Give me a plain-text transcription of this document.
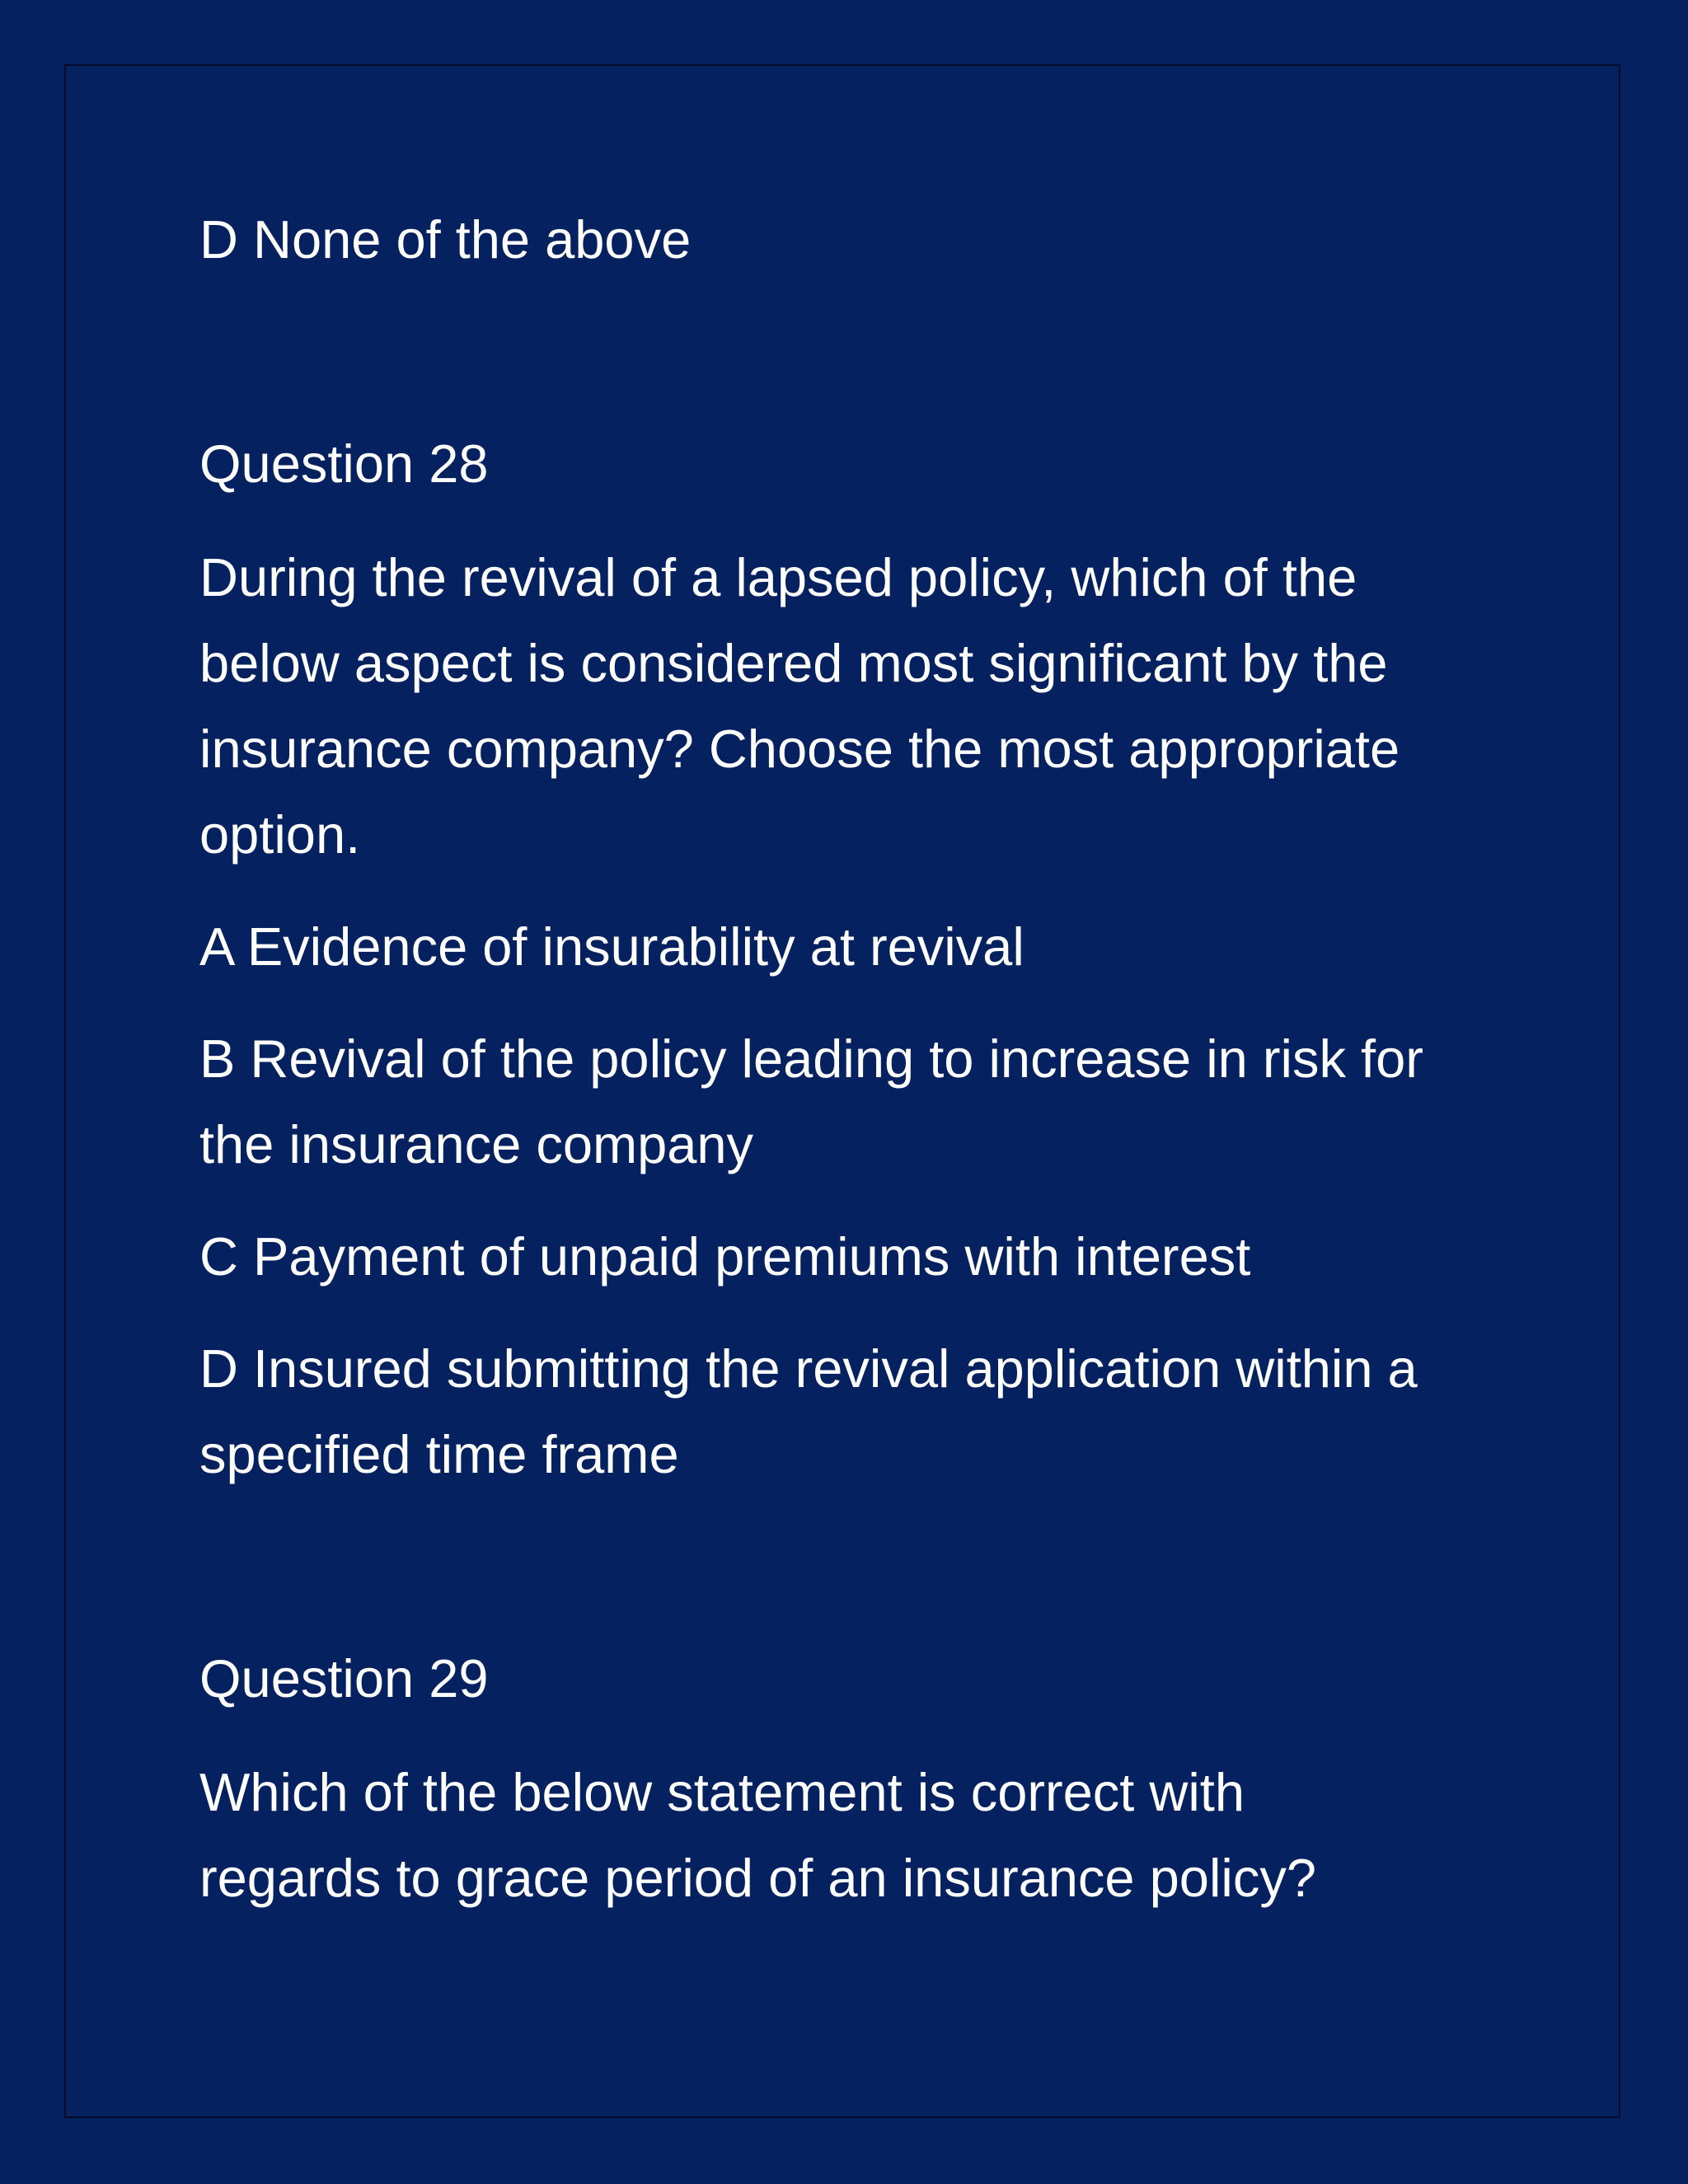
D None of the above
Question 28
During the revival of a lapsed policy, which of the
below aspect is considered most significant by the
insurance company? Choose the most appropriate
option.
A Evidence of insurability at revival
B Revival of the policy leading to increase in risk for
the insurance company
C Payment of unpaid premiums with interest
D Insured submitting the revival application within a
specified time frame
Question 29
Which of the below statement is correct with
regards to grace period of an insurance policy?
